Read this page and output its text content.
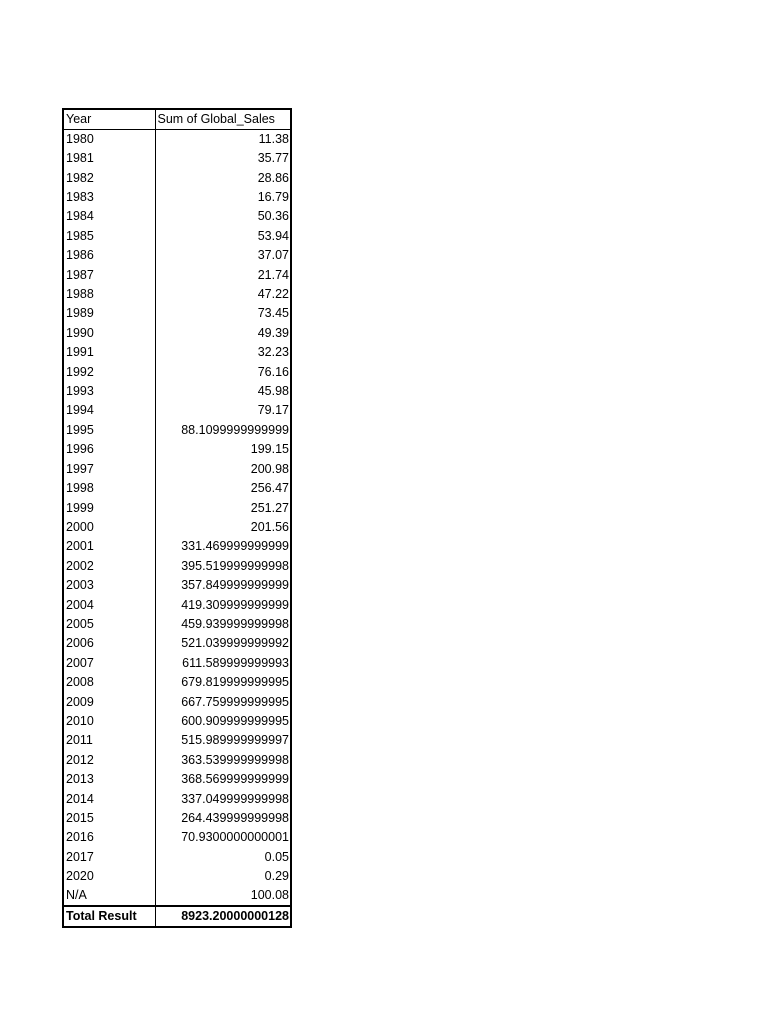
Year	Sum of Global_Sales
1980	11.38
1981	35.77
1982	28.86
1983	16.79
1984	50.36
1985	53.94
1986	37.07
1987	21.74
1988	47.22
1989	73.45
1990	49.39
1991	32.23
1992	76.16
1993	45.98
1994	79.17
1995	88.1099999999999
1996	199.15
1997	200.98
1998	256.47
1999	251.27
2000	201.56
2001	331.469999999999
2002	395.519999999998
2003	357.849999999999
2004	419.309999999999
2005	459.939999999998
2006	521.039999999992
2007	611.589999999993
2008	679.819999999995
2009	667.759999999995
2010	600.909999999995
2011	515.989999999997
2012	363.539999999998
2013	368.569999999999
2014	337.049999999998
2015	264.439999999998
2016	70.9300000000001
2017	0.05
2020	0.29
N/A	100.08
Total Result	8923.20000000128
